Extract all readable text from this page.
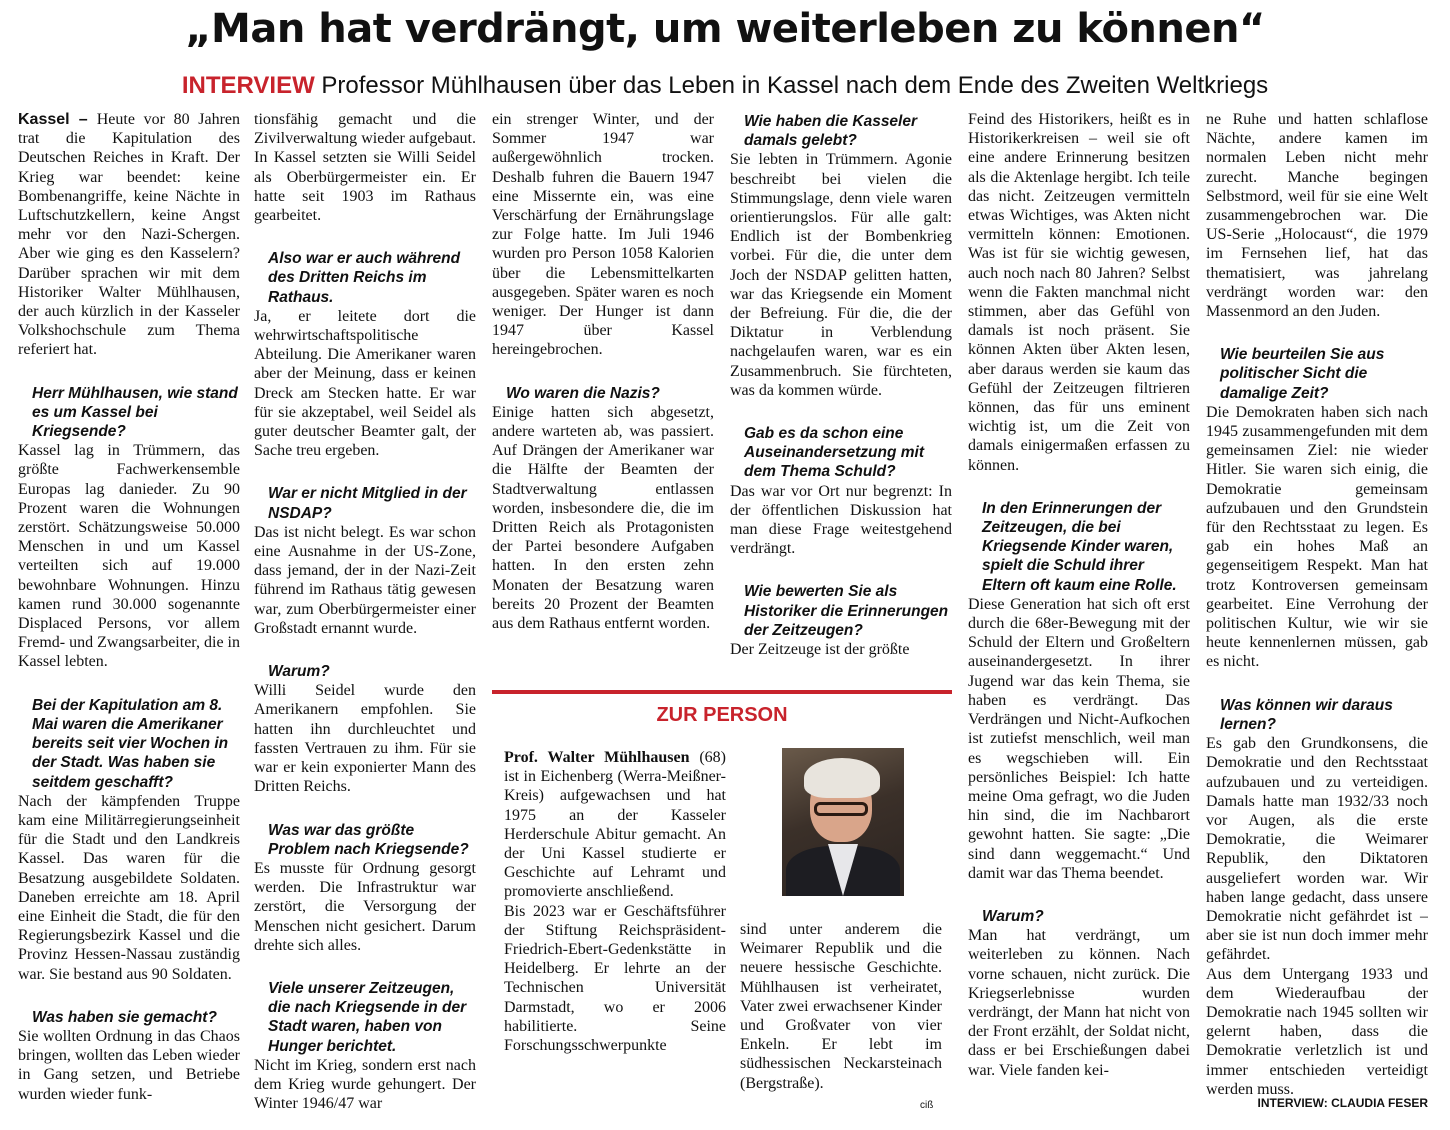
„Man hat verdrängt, um weiterleben zu können“
INTERVIEW Professor Mühlhausen über das Leben in Kassel nach dem Ende des Zweiten Weltkriegs

Kassel – Heute vor 80 Jahren trat die Kapitulation des Deutschen Reiches in Kraft. Der Krieg war beendet: keine Bombenangriffe, keine Nächte in Luftschutzkellern, keine Angst mehr vor den Nazi-Schergen. Aber wie ging es den Kasselern? Darüber sprachen wir mit dem Historiker Walter Mühlhausen, der auch kürzlich in der Kasseler Volkshochschule zum Thema referiert hat.

Herr Mühlhausen, wie stand es um Kassel bei Kriegsende?

Kassel lag in Trümmern, das größte Fachwerkensemble Europas lag danieder. Zu 90 Prozent waren die Wohnungen zerstört. Schätzungsweise 50.000 Menschen in und um Kassel verteilten sich auf 19.000 bewohnbare Wohnungen. Hinzu kamen rund 30.000 sogenannte Displaced Persons, vor allem Fremd- und Zwangsarbeiter, die in Kassel lebten.

Bei der Kapitulation am 8. Mai waren die Amerikaner bereits seit vier Wochen in der Stadt. Was haben sie seitdem geschafft?

Nach der kämpfenden Truppe kam eine Militärregierungseinheit für die Stadt und den Landkreis Kassel. Das waren für die Besatzung ausgebildete Soldaten. Daneben erreichte am 18. April eine Einheit die Stadt, die für den Regierungsbezirk Kassel und die Provinz Hessen-Nassau zuständig war. Sie bestand aus 90 Soldaten.

Was haben sie gemacht?

Sie wollten Ordnung in das Chaos bringen, wollten das Leben wieder in Gang setzen, und Betriebe wurden wieder funk-

tionsfähig gemacht und die Zivilverwaltung wieder aufgebaut. In Kassel setzten sie Willi Seidel als Oberbürgermeister ein. Er hatte seit 1903 im Rathaus gearbeitet.

Also war er auch während des Dritten Reichs im Rathaus.

Ja, er leitete dort die wehrwirtschaftspolitische Abteilung. Die Amerikaner waren aber der Meinung, dass er keinen Dreck am Stecken hatte. Er war für sie akzeptabel, weil Seidel als guter deutscher Beamter galt, der Sache treu ergeben.

War er nicht Mitglied in der NSDAP?

Das ist nicht belegt. Es war schon eine Ausnahme in der US-Zone, dass jemand, der in der Nazi-Zeit führend im Rathaus tätig gewesen war, zum Oberbürgermeister einer Großstadt ernannt wurde.

Warum?

Willi Seidel wurde den Amerikanern empfohlen. Sie hatten ihn durchleuchtet und fassten Vertrauen zu ihm. Für sie war er kein exponierter Mann des Dritten Reichs.

Was war das größte Problem nach Kriegsende?

Es musste für Ordnung gesorgt werden. Die Infrastruktur war zerstört, die Versorgung der Menschen nicht gesichert. Darum drehte sich alles.

Viele unserer Zeitzeugen, die nach Kriegsende in der Stadt waren, haben von Hunger berichtet.

Nicht im Krieg, sondern erst nach dem Krieg wurde gehungert. Der Winter 1946/47 war

ein strenger Winter, und der Sommer 1947 war außergewöhnlich trocken. Deshalb fuhren die Bauern 1947 eine Missernte ein, was eine Verschärfung der Ernährungslage zur Folge hatte. Im Juli 1946 wurden pro Person 1058 Kalorien über die Lebensmittelkarten ausgegeben. Später waren es noch weniger. Der Hunger ist dann 1947 über Kassel hereingebrochen.

Wo waren die Nazis?

Einige hatten sich abgesetzt, andere warteten ab, was passiert. Auf Drängen der Amerikaner war die Hälfte der Beamten der Stadtverwaltung entlassen worden, insbesondere die, die im Dritten Reich als Protagonisten der Partei besondere Aufgaben hatten. In den ersten zehn Monaten der Besatzung waren bereits 20 Prozent der Beamten aus dem Rathaus entfernt worden.

Wie haben die Kasseler damals gelebt?

Sie lebten in Trümmern. Agonie beschreibt bei vielen die Stimmungslage, denn viele waren orientierungslos. Für alle galt: Endlich ist der Bombenkrieg vorbei. Für die, die unter dem Joch der NSDAP gelitten hatten, war das Kriegsende ein Moment der Befreiung. Für die, die der Diktatur in Verblendung nachgelaufen waren, war es ein Zusammenbruch. Sie fürchteten, was da kommen würde.

Gab es da schon eine Auseinandersetzung mit dem Thema Schuld?

Das war vor Ort nur begrenzt: In der öffentlichen Diskussion hat man diese Frage weitestgehend verdrängt.

Wie bewerten Sie als Historiker die Erinnerungen der Zeitzeugen?

Der Zeitzeuge ist der größte

Feind des Historikers, heißt es in Historikerkreisen – weil sie oft eine andere Erinnerung besitzen als die Aktenlage hergibt. Ich teile das nicht. Zeitzeugen vermitteln etwas Wichtiges, was Akten nicht vermitteln können: Emotionen. Was ist für sie wichtig gewesen, auch noch nach 80 Jahren? Selbst wenn die Fakten manchmal nicht stimmen, aber das Gefühl von damals ist noch präsent. Sie können Akten über Akten lesen, aber daraus werden sie kaum das Gefühl der Zeitzeugen filtrieren können, das für uns eminent wichtig ist, um die Zeit von damals einigermaßen erfassen zu können.

In den Erinnerungen der Zeitzeugen, die bei Kriegsende Kinder waren, spielt die Schuld ihrer Eltern oft kaum eine Rolle.

Diese Generation hat sich oft erst durch die 68er-Bewegung mit der Schuld der Eltern und Großeltern auseinandergesetzt. In ihrer Jugend war das kein Thema, sie haben es verdrängt. Das Verdrängen und Nicht-Aufkochen ist zutiefst menschlich, weil man es wegschieben will. Ein persönliches Beispiel: Ich hatte meine Oma gefragt, wo die Juden hin sind, die im Nachbarort gewohnt hatten. Sie sagte: „Die sind dann weggemacht.“ Und damit war das Thema beendet.

Warum?

Man hat verdrängt, um weiterleben zu können. Nach vorne schauen, nicht zurück. Die Kriegserlebnisse wurden verdrängt, der Mann hat nicht von der Front erzählt, der Soldat nicht, dass er bei Erschießungen dabei war. Viele fanden kei-

ne Ruhe und hatten schlaflose Nächte, andere kamen im normalen Leben nicht mehr zurecht. Manche begingen Selbstmord, weil für sie eine Welt zusammengebrochen war. Die US-Serie „Holocaust“, die 1979 im Fernsehen lief, hat das thematisiert, was jahrelang verdrängt worden war: den Massenmord an den Juden.

Wie beurteilen Sie aus politischer Sicht die damalige Zeit?

Die Demokraten haben sich nach 1945 zusammengefunden mit dem gemeinsamen Ziel: nie wieder Hitler. Sie waren sich einig, die Demokratie gemeinsam aufzubauen und den Grundstein für den Rechtsstaat zu legen. Es gab ein hohes Maß an gegenseitigem Respekt. Man hat trotz Kontroversen gemeinsam gearbeitet. Eine Verrohung der politischen Kultur, wie wir sie heute kennenlernen müssen, gab es nicht.

Was können wir daraus lernen?

Es gab den Grundkonsens, die Demokratie und den Rechtsstaat aufzubauen und zu verteidigen. Damals hatte man 1932/33 noch vor Augen, als die erste Demokratie, die Weimarer Republik, den Diktatoren ausgeliefert worden war. Wir haben lange gedacht, dass unsere Demokratie nicht gefährdet ist – aber sie ist nun doch immer mehr gefährdet.

Aus dem Untergang 1933 und dem Wiederaufbau der Demokratie nach 1945 sollten wir gelernt haben, dass die Demokratie verletzlich ist und immer entschieden verteidigt werden muss.

INTERVIEW: CLAUDIA FESER
ZUR PERSON

Prof. Walter Mühlhausen (68) ist in Eichenberg (Werra-Meißner-Kreis) aufgewachsen und hat 1975 an der Kasseler Herderschule Abitur gemacht. An der Uni Kassel studierte er Geschichte auf Lehramt und promovierte anschließend.

Bis 2023 war er Geschäftsführer der Stiftung Reichspräsident-Friedrich-Ebert-Gedenkstätte in Heidelberg. Er lehrte an der Technischen Universität Darmstadt, wo er 2006 habilitierte. Seine Forschungsschwerpunkte

sind unter anderem die Weimarer Republik und die neuere hessische Geschichte. Mühlhausen ist verheiratet, Vater zwei erwachsener Kinder und Großvater von vier Enkeln. Er lebt im südhessischen Neckarsteinach (Bergstraße).

ciß
